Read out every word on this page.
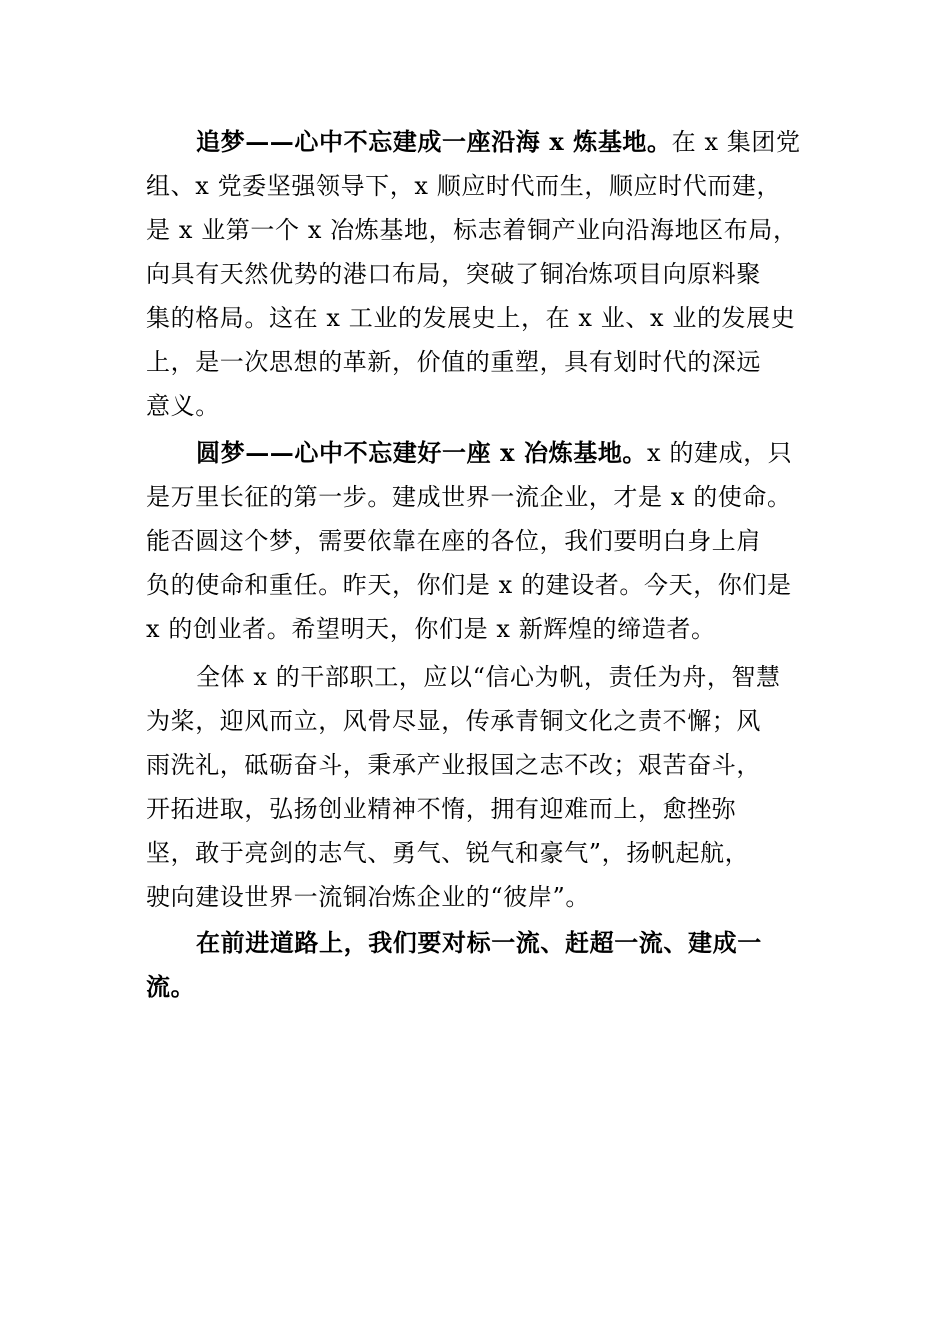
追梦——心中不忘建成一座沿海 x 炼基地。在 x 集团党
组、x 党委坚强领导下，x 顺应时代而生，顺应时代而建，
是 x 业第一个 x 冶炼基地，标志着铜产业向沿海地区布局，
向具有天然优势的港口布局，突破了铜冶炼项目向原料聚
集的格局。这在 x 工业的发展史上，在 x 业、x 业的发展史
上，是一次思想的革新，价值的重塑，具有划时代的深远
意义。
圆梦——心中不忘建好一座 x 冶炼基地。x 的建成，只
是万里长征的第一步。建成世界一流企业，才是 x 的使命。
能否圆这个梦，需要依靠在座的各位，我们要明白身上肩
负的使命和重任。昨天，你们是 x 的建设者。今天，你们是
x 的创业者。希望明天，你们是 x 新辉煌的缔造者。
全体 x 的干部职工，应以“信心为帆，责任为舟，智慧
为桨，迎风而立，风骨尽显，传承青铜文化之责不懈；风
雨洗礼，砥砺奋斗，秉承产业报国之志不改；艰苦奋斗，
开拓进取，弘扬创业精神不惰，拥有迎难而上，愈挫弥
坚，敢于亮剑的志气、勇气、锐气和豪气”，扬帆起航，
驶向建设世界一流铜冶炼企业的“彼岸”。
在前进道路上，我们要对标一流、赶超一流、建成一
流。
